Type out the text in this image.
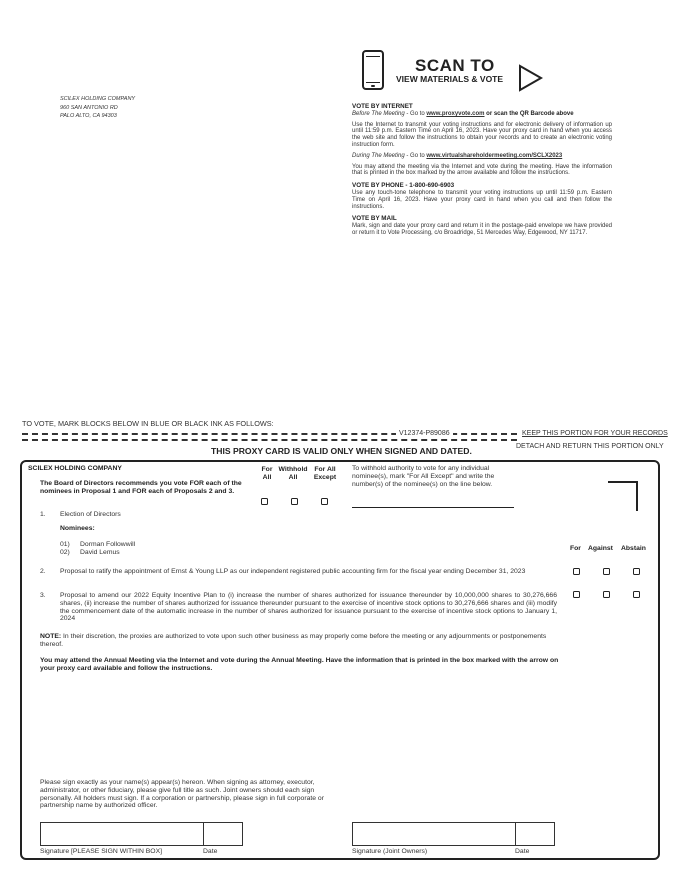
SCILEX HOLDING COMPANY
960 SAN ANTONIO RD
PALO ALTO, CA 94303
SCAN TO
VIEW MATERIALS & VOTE
VOTE BY INTERNET

Before The Meeting - Go to www.proxyvote.com or scan the QR Barcode above

Use the Internet to transmit your voting instructions and for electronic delivery of information up until 11:59 p.m. Eastern Time on April 16, 2023. Have your proxy card in hand when you access the web site and follow the instructions to obtain your records and to create an electronic voting instruction form.

During The Meeting - Go to www.virtualshareholdermeeting.com/SCLX2023

You may attend the meeting via the Internet and vote during the meeting. Have the information that is printed in the box marked by the arrow available and follow the instructions.

VOTE BY PHONE - 1-800-690-6903

Use any touch-tone telephone to transmit your voting instructions up until 11:59 p.m. Eastern Time on April 16, 2023. Have your proxy card in hand when you call and then follow the instructions.

VOTE BY MAIL

Mark, sign and date your proxy card and return it in the postage-paid envelope we have provided or return it to Vote Processing, c/o Broadridge, 51 Mercedes Way, Edgewood, NY 11717.

TO VOTE, MARK BLOCKS BELOW IN BLUE OR BLACK INK AS FOLLOWS:
V12374-P89086	KEEP THIS PORTION FOR YOUR RECORDS
DETACH AND RETURN THIS PORTION ONLY
THIS PROXY CARD IS VALID ONLY WHEN SIGNED AND DATED.
SCILEX HOLDING COMPANY
The Board of Directors recommends you vote FOR each of the nominees in Proposal 1 and FOR each of Proposals 2 and 3.
For
All
Withhold
All
For All
Except
To withhold authority to vote for any individual nominee(s), mark "For All Except" and write the number(s) of the nominee(s) on the line below.
1. Election of Directors
Nominees:
01) Dorman Followwill
02) David Lemus
For Against Abstain
2. Proposal to ratify the appointment of Ernst & Young LLP as our independent registered public accounting firm for the fiscal year ending December 31, 2023
3. Proposal to amend our 2022 Equity Incentive Plan to (i) increase the number of shares authorized for issuance thereunder by 10,000,000 shares to 30,276,666 shares, (ii) increase the number of shares authorized for issuance thereunder pursuant to the exercise of incentive stock options to 30,276,666 shares and (iii) modify the commencement date of the automatic increase in the number of shares authorized for issuance pursuant to the exercise of incentive stock options to January 1, 2024
NOTE: In their discretion, the proxies are authorized to vote upon such other business as may properly come before the meeting or any adjournments or postponements thereof.
You may attend the Annual Meeting via the Internet and vote during the Annual Meeting. Have the information that is printed in the box marked with the arrow on your proxy card available and follow the instructions.
Please sign exactly as your name(s) appear(s) hereon. When signing as attorney, executor, administrator, or other fiduciary, please give full title as such. Joint owners should each sign personally. All holders must sign. If a corporation or partnership, please sign in full corporate or partnership name by authorized officer.
Signature [PLEASE SIGN WITHIN BOX]	Date	Signature (Joint Owners)	Date
